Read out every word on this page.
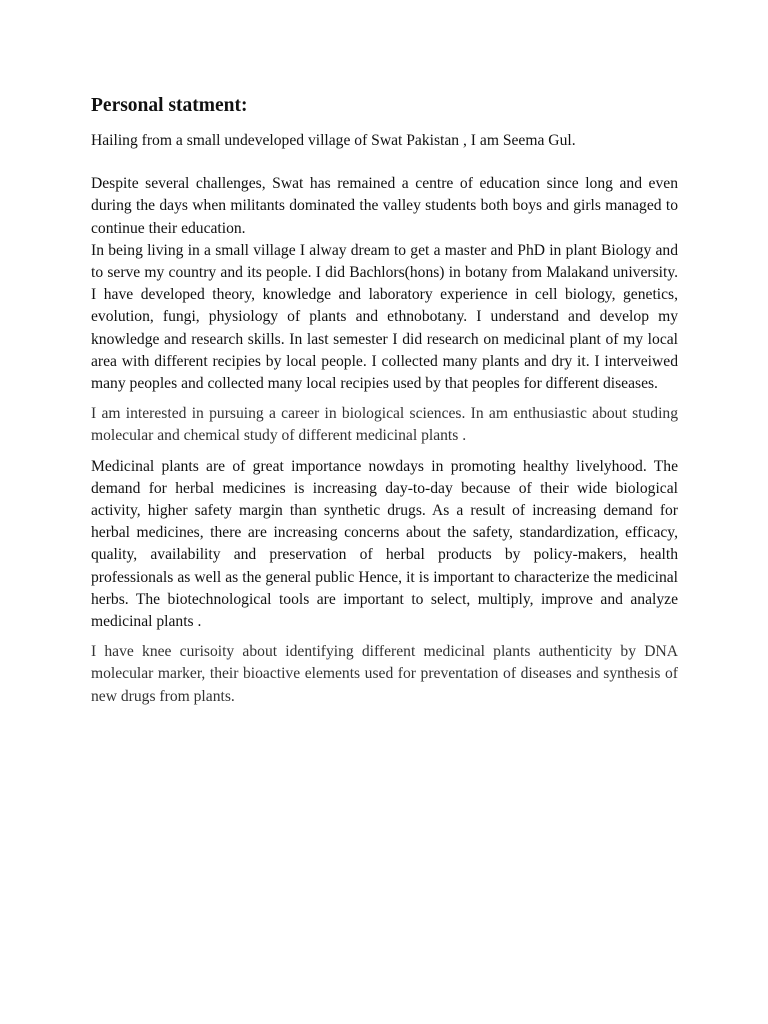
Personal statment:

Hailing from a small undeveloped village of Swat Pakistan , I am Seema Gul.

Despite several challenges, Swat has remained a centre of education since long and even during the days when militants dominated the valley students both boys and girls managed to continue their education.

In being living in a small village I alway dream to get a master and PhD in plant Biology and to serve my country and its people. I did Bachlors(hons) in botany from Malakand university. I have developed theory, knowledge and laboratory experience in cell biology, genetics, evolution, fungi, physiology of plants and ethnobotany. I understand and develop my knowledge and research skills. In last semester I did research on medicinal plant of my local area with different recipies by local people. I collected many plants and dry it. I interveiwed many peoples and collected many local recipies used by that peoples for different diseases.

I am interested in pursuing a career in biological sciences. In am enthusiastic about studing molecular and chemical study of different medicinal plants .

Medicinal plants are of great importance nowdays in promoting healthy livelyhood. The demand for herbal medicines is increasing day-to-day because of their wide biological activity, higher safety margin than synthetic drugs. As a result of increasing demand for herbal medicines, there are increasing concerns about the safety, standardization, efficacy, quality, availability and preservation of herbal products by policy-makers, health professionals as well as the general public Hence, it is important to characterize the medicinal herbs. The biotechnological tools are important to select, multiply, improve and analyze medicinal plants .

I have knee curisoity about identifying different medicinal plants authenticity by DNA molecular marker, their bioactive elements used for preventation of diseases and synthesis of new drugs from plants.
